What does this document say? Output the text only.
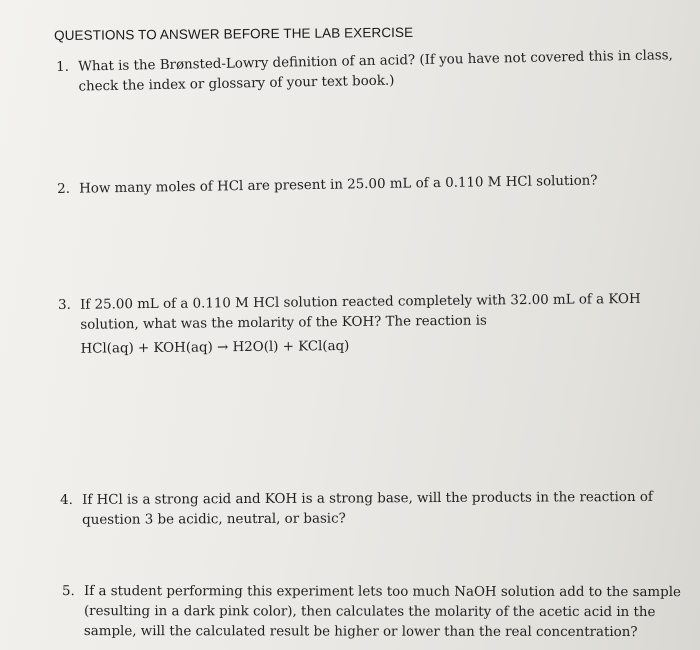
QUESTIONS TO ANSWER BEFORE THE LAB EXERCISE
1. What is the Brønsted-Lowry definition of an acid? (If you have not covered this in class,
check the index or glossary of your text book.)
2. How many moles of HCl are present in 25.00 mL of a 0.110 M HCl solution?
3. If 25.00 mL of a 0.110 M HCl solution reacted completely with 32.00 mL of a KOH
solution, what was the molarity of the KOH? The reaction is
HCl(aq) + KOH(aq) → H2O(l) + KCl(aq)
4. If HCl is a strong acid and KOH is a strong base, will the products in the reaction of
question 3 be acidic, neutral, or basic?
5. If a student performing this experiment lets too much NaOH solution add to the sample
(resulting in a dark pink color), then calculates the molarity of the acetic acid in the
sample, will the calculated result be higher or lower than the real concentration?
